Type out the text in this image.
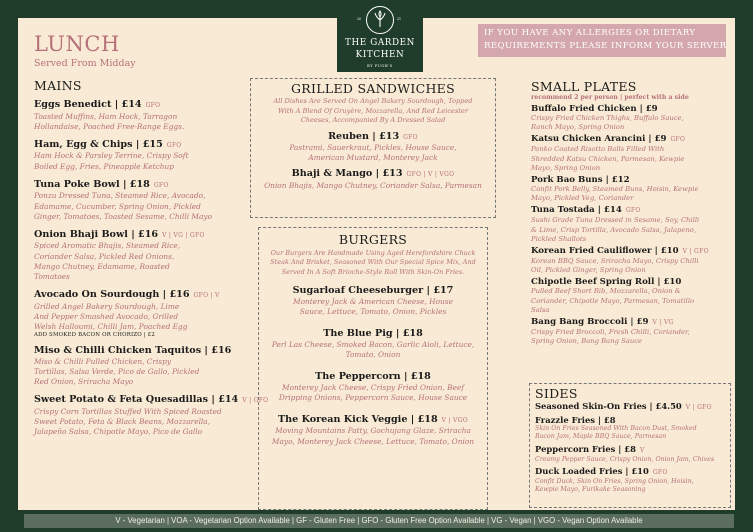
LUNCH
Served From Midday
MAINS
Eggs Benedict | £14 GFO
Toasted Muffins, Ham Hock, Tarragon
Hollandaise, Poached Free-Range Eggs.
Ham, Egg & Chips | £15 GFO
Ham Hock & Parsley Terrine, Crispy Soft
Boiled Egg, Fries, Pineapple Ketchup
Tuna Poke Bowl | £18 GFO
Ponzu Dressed Tuna, Steamed Rice, Avocado,
Edamame, Cucumber, Spring Onion, Pickled
Ginger, Tomatoes, Toasted Sesame, Chilli Mayo
Onion Bhaji Bowl | £16 V | VG | GFO
Spiced Aromatic Bhajis, Steamed Rice,
Coriander Salsa, Pickled Red Onions,
Mango Chutney, Edamame, Roasted
Tomatoes
Avocado On Sourdough | £16 GFO | V
Grilled Angel Bakery Sourdough, Lime
And Pepper Smashed Avocado, Grilled
Welsh Halloumi, Chilli Jam, Poached Egg
ADD SMOKED BACON OR CHORIZO | £2
Miso & Chilli Chicken Taquitos | £16
Miso & Chilli Pulled Chicken, Crispy
Tortillas, Salsa Verde, Pico de Gallo, Pickled
Red Onion, Sriracha Mayo
Sweet Potato & Feta Quesadillas | £14 V | GFO
Crispy Corn Tortillas Stuffed With Spiced Roasted
Sweet Potato, Feta & Black Beans, Mozzarella,
Jalapeño Salsa, Chipotle Mayo, Pico de Gallo
GRILLED SANDWICHES
All Dishes Are Served On Angel Bakery Sourdough, Topped
With A Blend Of Gruyère, Mozzarella, And Red Leicester
Cheeses, Accompanied By A Dressed Salad
Reuben | £13 GFO
Pastrami, Sauerkraut, Pickles, House Sauce,
American Mustard, Monterey Jack
Bhaji & Mango | £13 GFO | V | VGO
Onion Bhajis, Mango Chutney, Coriander Salsa, Parmesan
BURGERS
Our Burgers Are Handmade Using Aged Herefordshire Chuck
Steak And Brisket, Seasoned With Our Special Spice Mix, And
Served In A Soft Brioche-Style Roll With Skin-On Fries.
Sugarloaf Cheeseburger | £17
Monterey Jack & American Cheese, House
Sauce, Lettuce, Tomato, Onion, Pickles
The Blue Pig | £18
Perl Las Cheese, Smoked Bacon, Garlic Aioli, Lettuce,
Tomato, Onion
The Peppercorn | £18
Monterey Jack Cheese, Crispy Fried Onion, Beef
Dripping Onions, Peppercorn Sauce, House Sauce
The Korean Kick Veggie | £18 V | VGO
Moving Mountains Patty, Gochujang Glaze, Sriracha
Mayo, Monterey Jack Cheese, Lettuce, Tomato, Onion
SMALL PLATES
recommend 2 per person | perfect with a side
Buffalo Fried Chicken | £9
Crispy Fried Chicken Thighs, Buffalo Sauce,
Ranch Mayo, Spring Onion
Katsu Chicken Arancini | £9 GFO
Panko Coated Risotto Balls Filled With
Shredded Katsu Chicken, Parmesan, Kewpie
Mayo, Spring Onion
Pork Bao Buns | £12
Confit Pork Belly, Steamed Buns, Hoisin, Kewpie
Mayo, Pickled Veg, Coriander
Tuna Tostada | £14 GFO
Sushi Grade Tuna Dressed in Sesame, Soy, Chilli
& Lime, Crisp Tortilla, Avocado Salsa, Jalapeno,
Pickled Shallots
Korean Fried Cauliflower | £10 V | GFO
Korean BBQ Sauce, Sriracha Mayo, Crispy Chilli
Oil, Pickled Ginger, Spring Onion
Chipotle Beef Spring Roll | £10
Pulled Beef Short Rib, Mozzarella, Onion &
Coriander, Chipotle Mayo, Parmesan, Tomatillo
Salsa
Bang Bang Broccoli | £9 V | VG
Crispy Fried Broccoli, Fresh Chilli, Coriander,
Spring Onion, Bang Bang Sauce
SIDES
Seasoned Skin-On Fries | £4.50 V | GFO
Frazzle Fries | £8
Skin On Fries Seasoned With Bacon Dust, Smoked
Bacon Jam, Maple BBQ Sauce, Parmesan
Peppercorn Fries | £8 V
Creamy Pepper Sauce, Crispy Onion, Onion Jam, Chives
Duck Loaded Fries | £10 GFO
Confit Duck, Skin On Fries, Spring Onion, Hoisin,
Kewpie Mayo, Furikake Seasoning
20	21
THE GARDEN
KITCHEN
BY PUGH'S
IF YOU HAVE ANY ALLERGIES OR DIETARY
REQUIREMENTS PLEASE INFORM YOUR SERVER
V - Vegetarian | VOA - Vegetarian Option Available | GF - Gluten Free | GFO - Gluten Free Option Available | VG - Vegan | VGO - Vegan Option Available
